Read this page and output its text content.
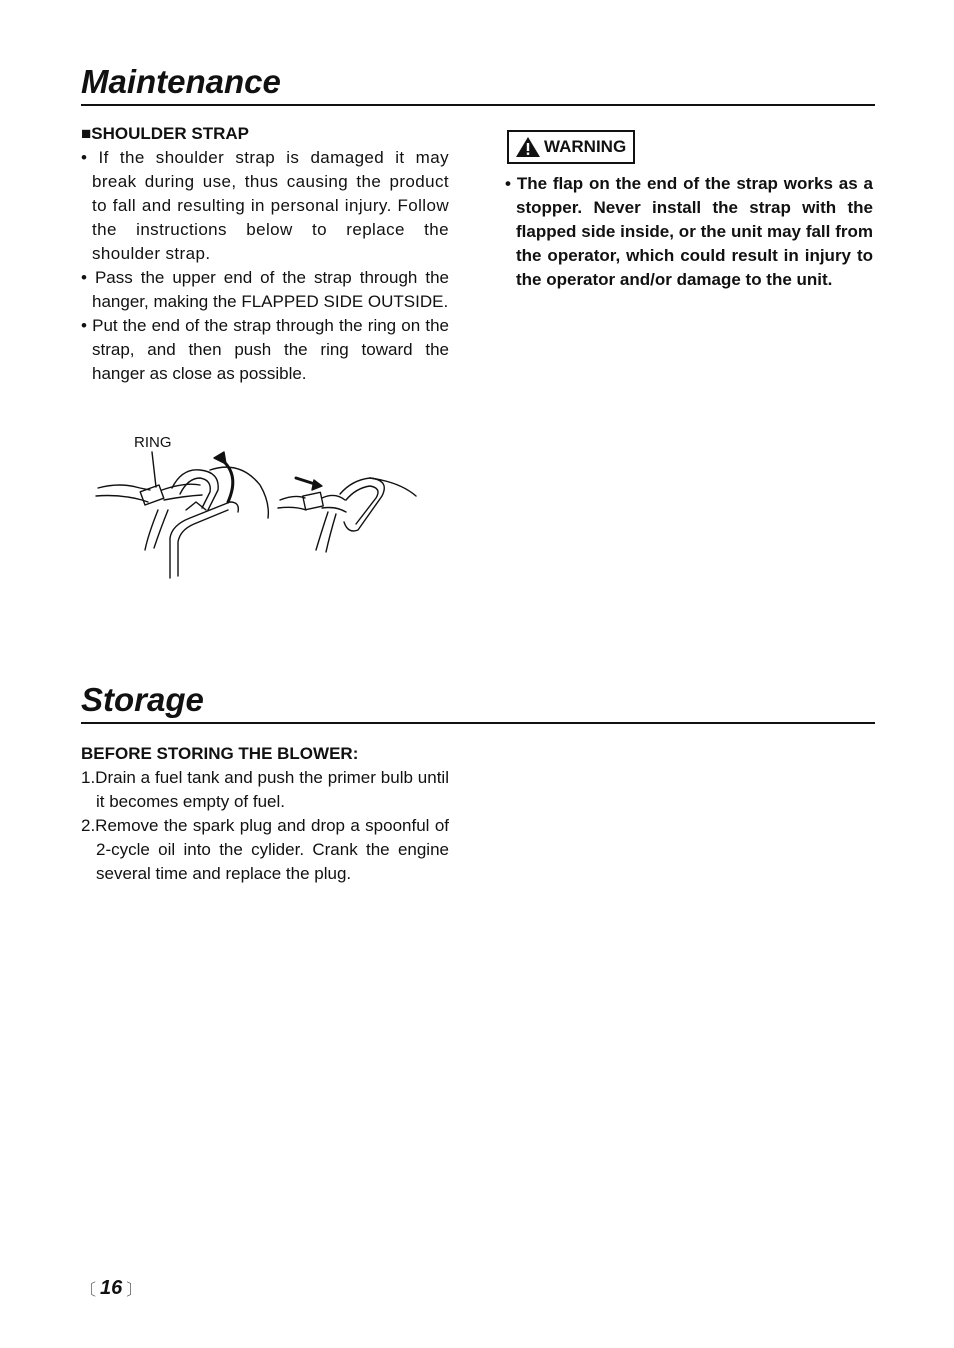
Maintenance

■SHOULDER STRAP

• If the shoulder strap is damaged it may break during use, thus causing the product to fall and resulting in personal injury. Follow the instructions below to replace the shoulder strap.

• Pass the upper end of the strap through the hanger, making the FLAPPED SIDE OUTSIDE.

• Put the end of the strap through the ring on the strap, and then push the ring toward the hanger as close as possible.

RING
WARNING

• The flap on the end of the strap works as a stopper. Never install the strap with the flapped side inside, or the unit may fall from the operator, which could result in injury to the operator and/or damage to the unit.

Storage

BEFORE STORING THE BLOWER:

1.Drain a fuel tank and push the primer bulb until it becomes empty of fuel.

2.Remove the spark plug and drop a spoonful of 2-cycle oil into the cylider. Crank the engine several time and replace the plug.

〔 16 〕
